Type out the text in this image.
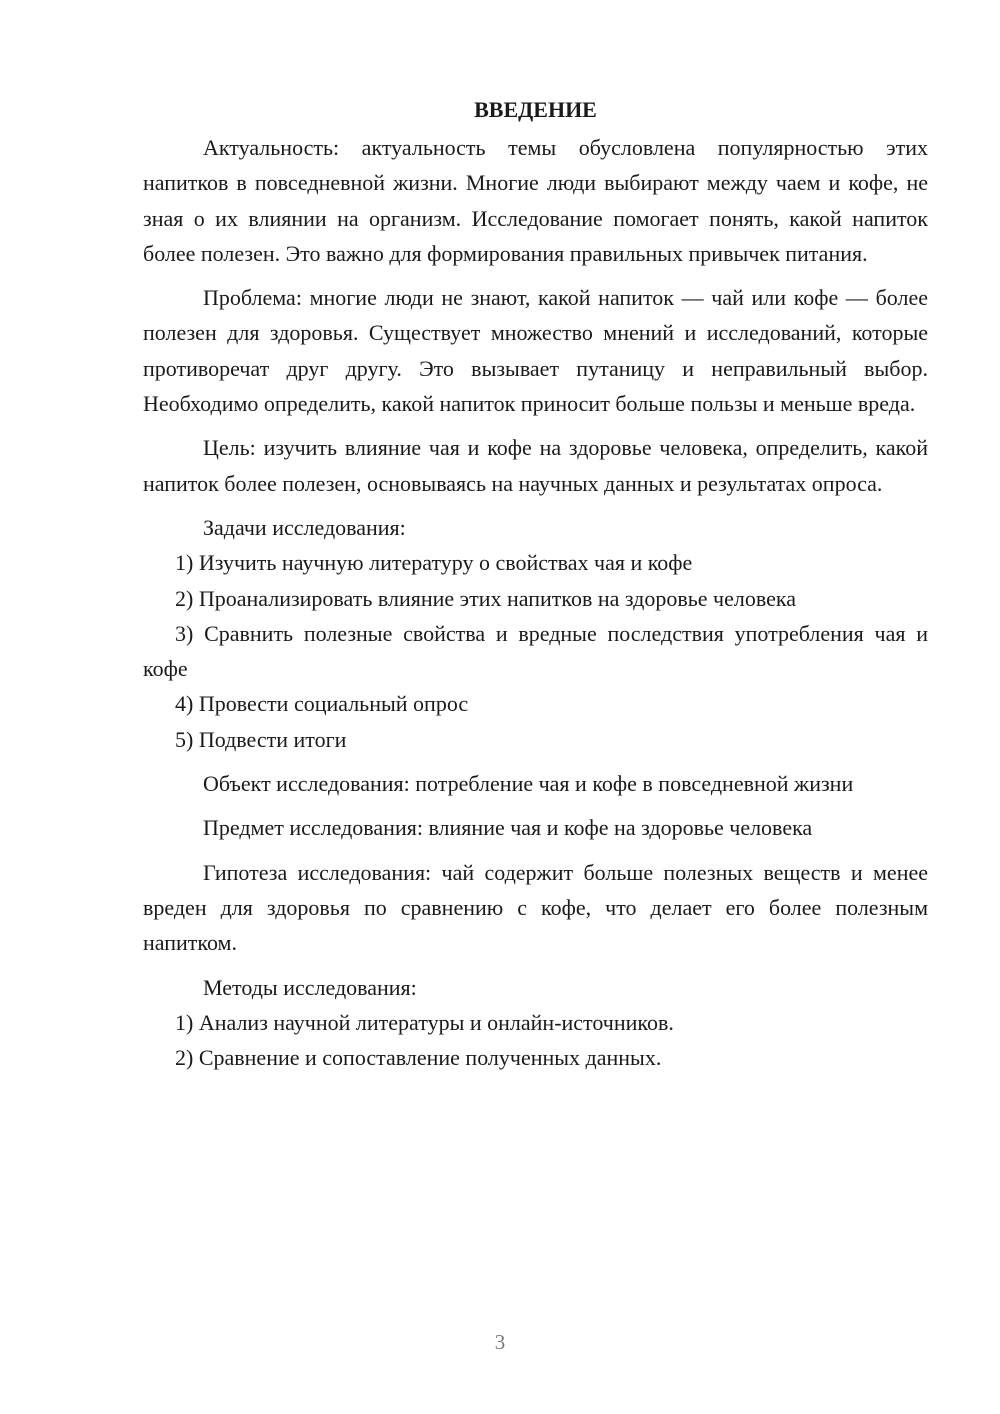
ВВЕДЕНИЕ

Актуальность: актуальность темы обусловлена популярностью этих напитков в повседневной жизни. Многие люди выбирают между чаем и кофе, не зная о их влиянии на организм. Исследование помогает понять, какой напиток более полезен. Это важно для формирования правильных привычек питания.

Проблема: многие люди не знают, какой напиток — чай или кофе — более полезен для здоровья. Существует множество мнений и исследований, которые противоречат друг другу. Это вызывает путаницу и неправильный выбор. Необходимо определить, какой напиток приносит больше пользы и меньше вреда.

Цель: изучить влияние чая и кофе на здоровье человека, определить, какой напиток более полезен, основываясь на научных данных и результатах опроса.

Задачи исследования:

1) Изучить научную литературу о свойствах чая и кофе

2) Проанализировать влияние этих напитков на здоровье человека

3) Сравнить полезные свойства и вредные последствия употребления чая и кофе

4) Провести социальный опрос

5) Подвести итоги

Объект исследования: потребление чая и кофе в повседневной жизни

Предмет исследования: влияние чая и кофе на здоровье человека

Гипотеза исследования: чай содержит больше полезных веществ и менее вреден для здоровья по сравнению с кофе, что делает его более полезным напитком.

Методы исследования:

1) Анализ научной литературы и онлайн-источников.

2) Сравнение и сопоставление полученных данных.

3
